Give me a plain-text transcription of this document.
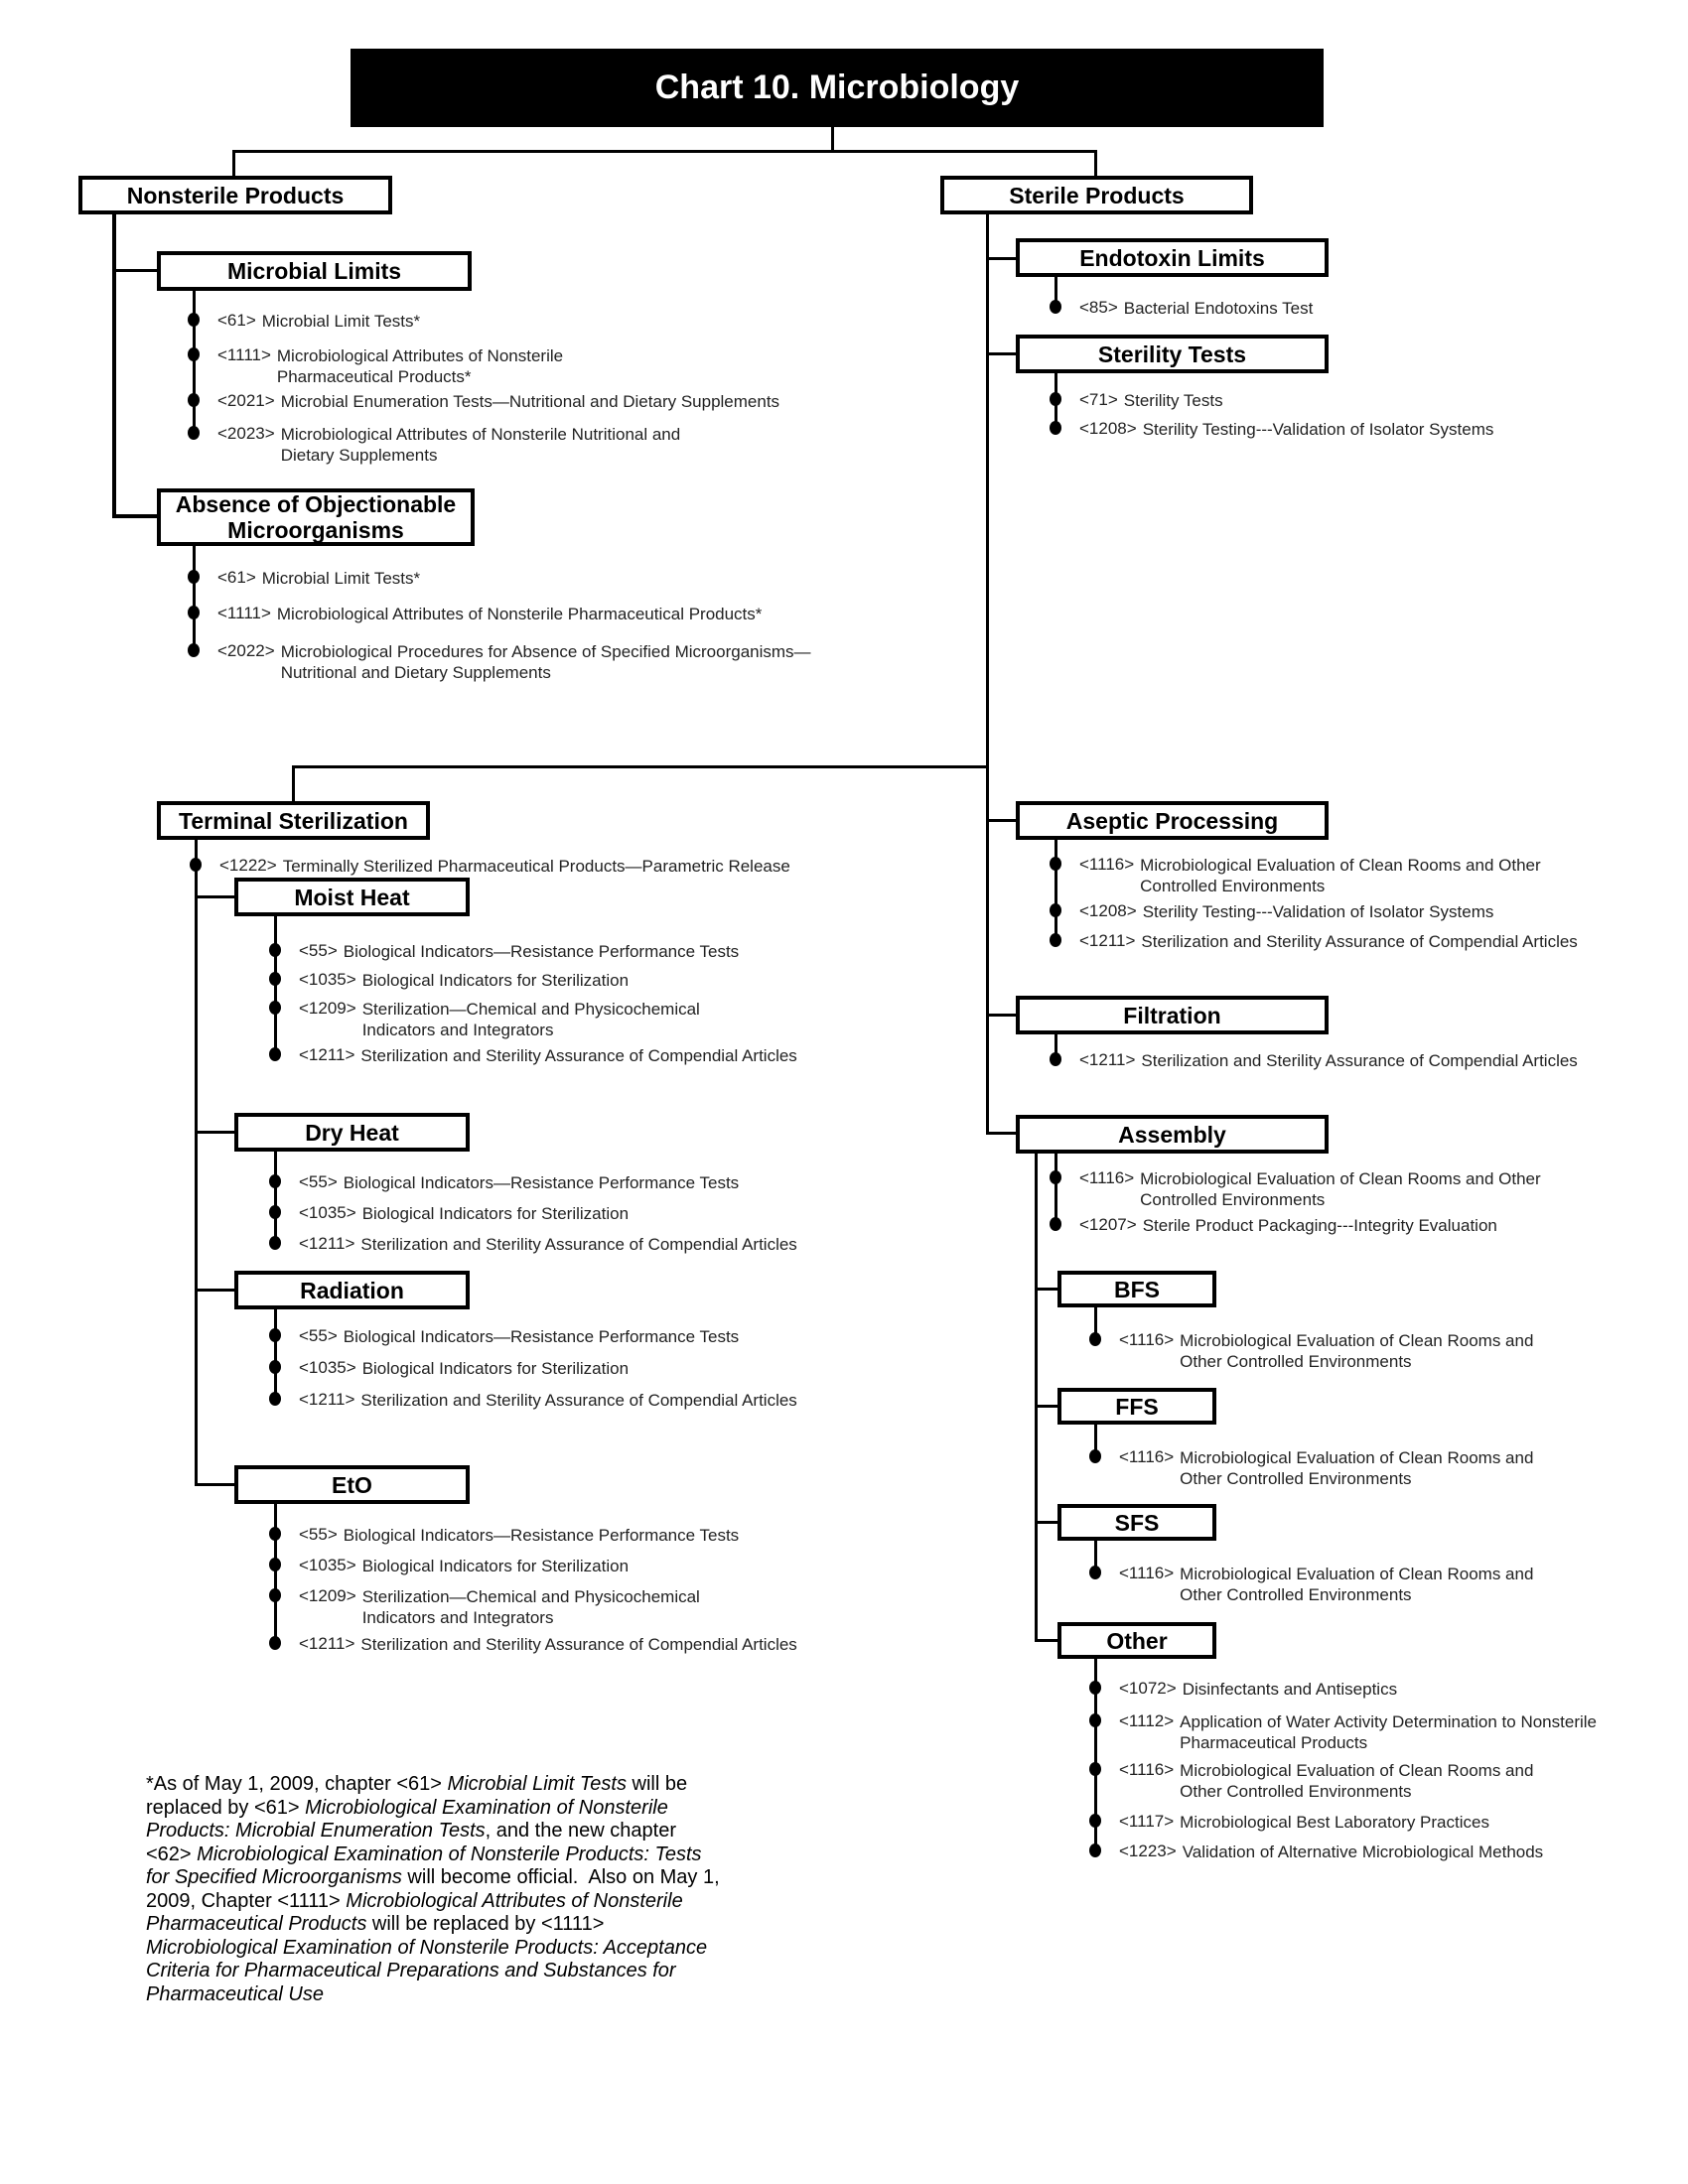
Chart 10. Microbiology
Nonsterile Products	Sterile Products
Microbial Limits
<61> Microbial Limit Tests*
<1111> Microbiological Attributes of Nonsterile Pharmaceutical Products*
<2021> Microbial Enumeration Tests—Nutritional and Dietary Supplements
<2023> Microbiological Attributes of Nonsterile Nutritional and Dietary Supplements
Absence of Objectionable Microorganisms
<61> Microbial Limit Tests*
<1111> Microbiological Attributes of Nonsterile Pharmaceutical Products*
<2022> Microbiological Procedures for Absence of Specified Microorganisms—Nutritional and Dietary Supplements
Endotoxin Limits
<85> Bacterial Endotoxins Test
Sterility Tests
<71> Sterility Tests
<1208> Sterility Testing---Validation of Isolator Systems
Terminal Sterilization
<1222> Terminally Sterilized Pharmaceutical Products—Parametric Release
Moist Heat
<55> Biological Indicators—Resistance Performance Tests
<1035> Biological Indicators for Sterilization
<1209> Sterilization—Chemical and Physicochemical Indicators and Integrators
<1211> Sterilization and Sterility Assurance of Compendial Articles
Dry Heat
<55> Biological Indicators—Resistance Performance Tests
<1035> Biological Indicators for Sterilization
<1211> Sterilization and Sterility Assurance of Compendial Articles
Radiation
<55> Biological Indicators—Resistance Performance Tests
<1035> Biological Indicators for Sterilization
<1211> Sterilization and Sterility Assurance of Compendial Articles
EtO
<55> Biological Indicators—Resistance Performance Tests
<1035> Biological Indicators for Sterilization
<1209> Sterilization—Chemical and Physicochemical Indicators and Integrators
<1211> Sterilization and Sterility Assurance of Compendial Articles
Aseptic Processing
<1116> Microbiological Evaluation of Clean Rooms and Other Controlled Environments
<1208> Sterility Testing---Validation of Isolator Systems
<1211> Sterilization and Sterility Assurance of Compendial Articles
Filtration
<1211> Sterilization and Sterility Assurance of Compendial Articles
Assembly
<1116> Microbiological Evaluation of Clean Rooms and Other Controlled Environments
<1207> Sterile Product Packaging---Integrity Evaluation
BFS
<1116> Microbiological Evaluation of Clean Rooms and Other Controlled Environments
FFS
<1116> Microbiological Evaluation of Clean Rooms and Other Controlled Environments
SFS
<1116> Microbiological Evaluation of Clean Rooms and Other Controlled Environments
Other
<1072> Disinfectants and Antiseptics
<1112> Application of Water Activity Determination to Nonsterile Pharmaceutical Products
<1116> Microbiological Evaluation of Clean Rooms and Other Controlled Environments
<1117> Microbiological Best Laboratory Practices
<1223> Validation of Alternative Microbiological Methods
*As of May 1, 2009, chapter <61> Microbial Limit Tests will be replaced by <61> Microbiological Examination of Nonsterile Products: Microbial Enumeration Tests, and the new chapter <62> Microbiological Examination of Nonsterile Products: Tests for Specified Microorganisms will become official.  Also on May 1, 2009, Chapter <1111> Microbiological Attributes of Nonsterile Pharmaceutical Products will be replaced by <1111> Microbiological Examination of Nonsterile Products: Acceptance Criteria for Pharmaceutical Preparations and Substances for Pharmaceutical Use
